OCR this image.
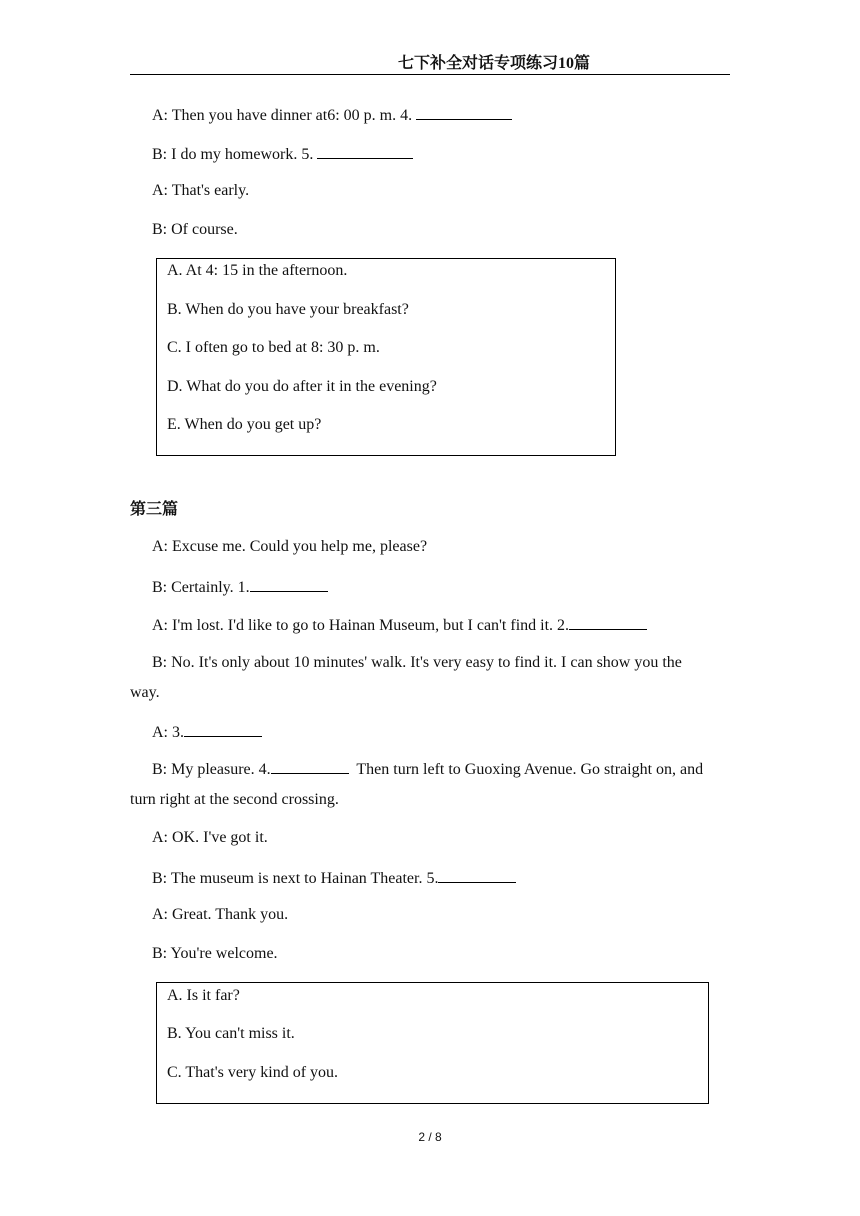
七下补全对话专项练习10篇
A: Then you have dinner at6: 00 p. m. 4.
B: I do my homework. 5.
A: That's early.
B: Of course.
A. At 4: 15 in the afternoon.
B. When do you have your breakfast?
C. I often go to bed at 8: 30 p. m.
D. What do you do after it in the evening?
E. When do you get up?
第三篇
A: Excuse me. Could you help me, please?
B: Certainly. 1.
A: I'm lost. I'd like to go to Hainan Museum, but I can't find it. 2.
B: No. It's only about 10 minutes' walk. It's very easy to find it. I can show you the way.
A: 3.
B: My pleasure. 4.	Then turn left to Guoxing Avenue. Go straight on, and turn right at the second crossing.
A: OK. I've got it.
B: The museum is next to Hainan Theater. 5.
A: Great. Thank you.
B: You're welcome.
A. Is it far?
B. You can't miss it.
C. That's very kind of you.
2 / 8
